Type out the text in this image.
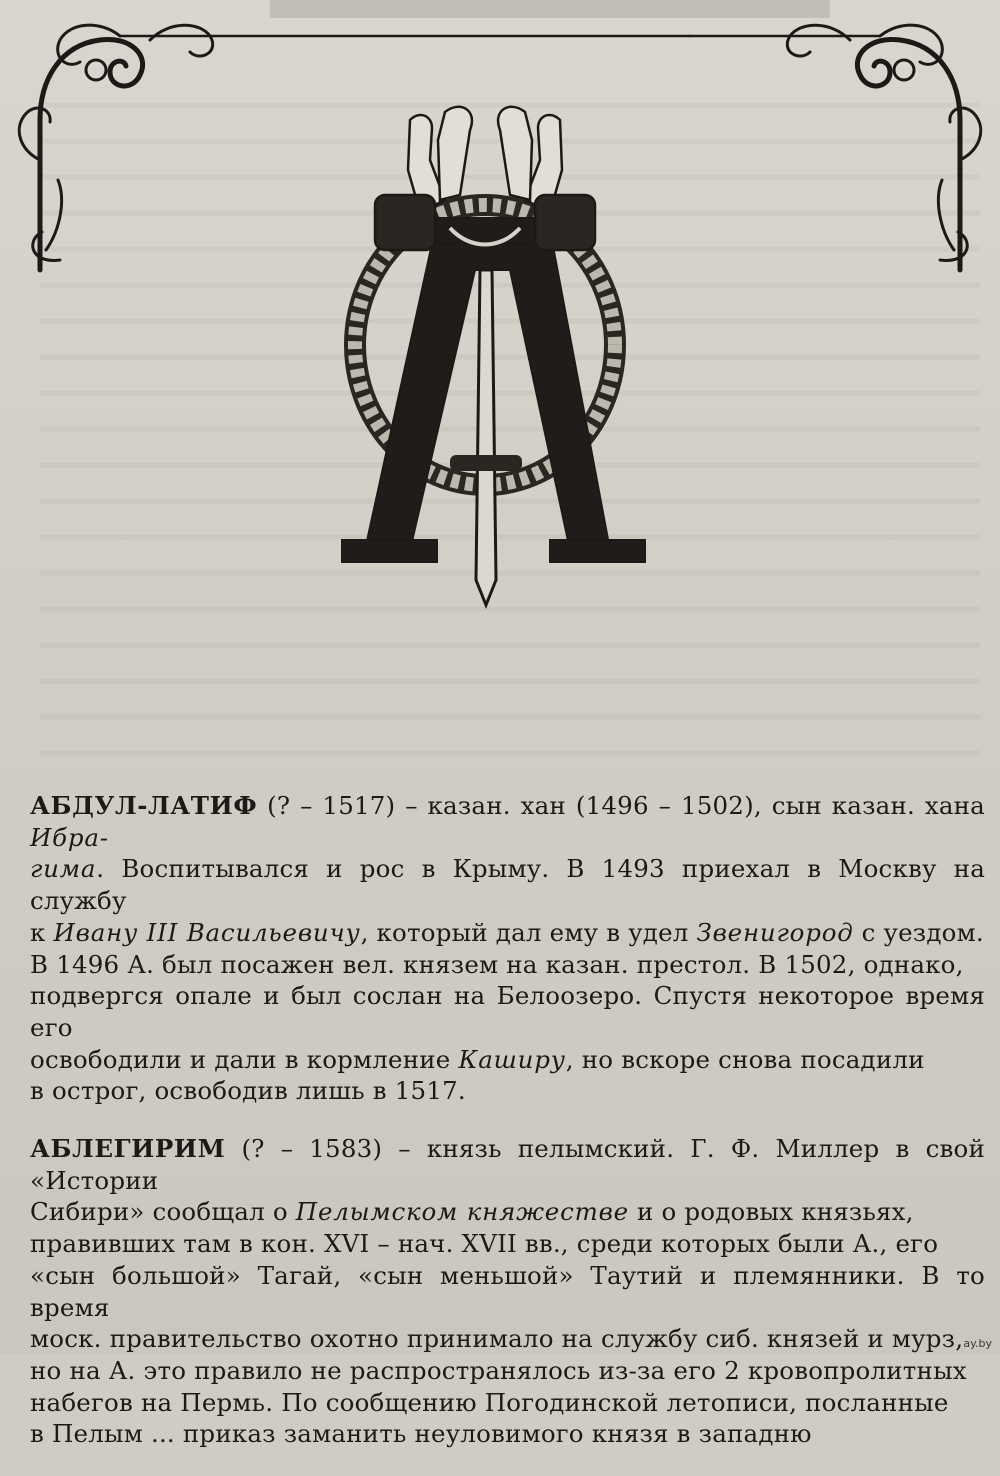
АБДУЛ-ЛАТИФ (? – 1517) – казан. хан (1496 – 1502), сын казан. хана Ибра-
гима. Воспитывался и рос в Крыму. В 1493 приехал в Москву на службу
к Ивану III Васильевичу, который дал ему в удел Звенигород с уездом.
В 1496 А. был посажен вел. князем на казан. престол. В 1502, однако,
подвергся опале и был сослан на Белоозеро. Спустя некоторое время его
освободили и дали в кормление Каширу, но вскоре снова посадили
в острог, освободив лишь в 1517.

АБЛЕГИРИМ (? – 1583) – князь пелымский. Г. Ф. Миллер в свой «Истории
Сибири» сообщал о Пелымском княжестве и о родовых князьях,
правивших там в кон. XVI – нач. XVII вв., среди которых были А., его
«сын большой» Тагай, «сын меньшой» Таутий и племянники. В то время
моск. правительство охотно принимало на службу сиб. князей и мурз,
но на А. это правило не распространялось из-за его 2 кровопролитных
набегов на Пермь. По сообщению Погодинской летописи, посланные
в Пелым ... приказ заманить неуловимого князя в западню

ay.by
